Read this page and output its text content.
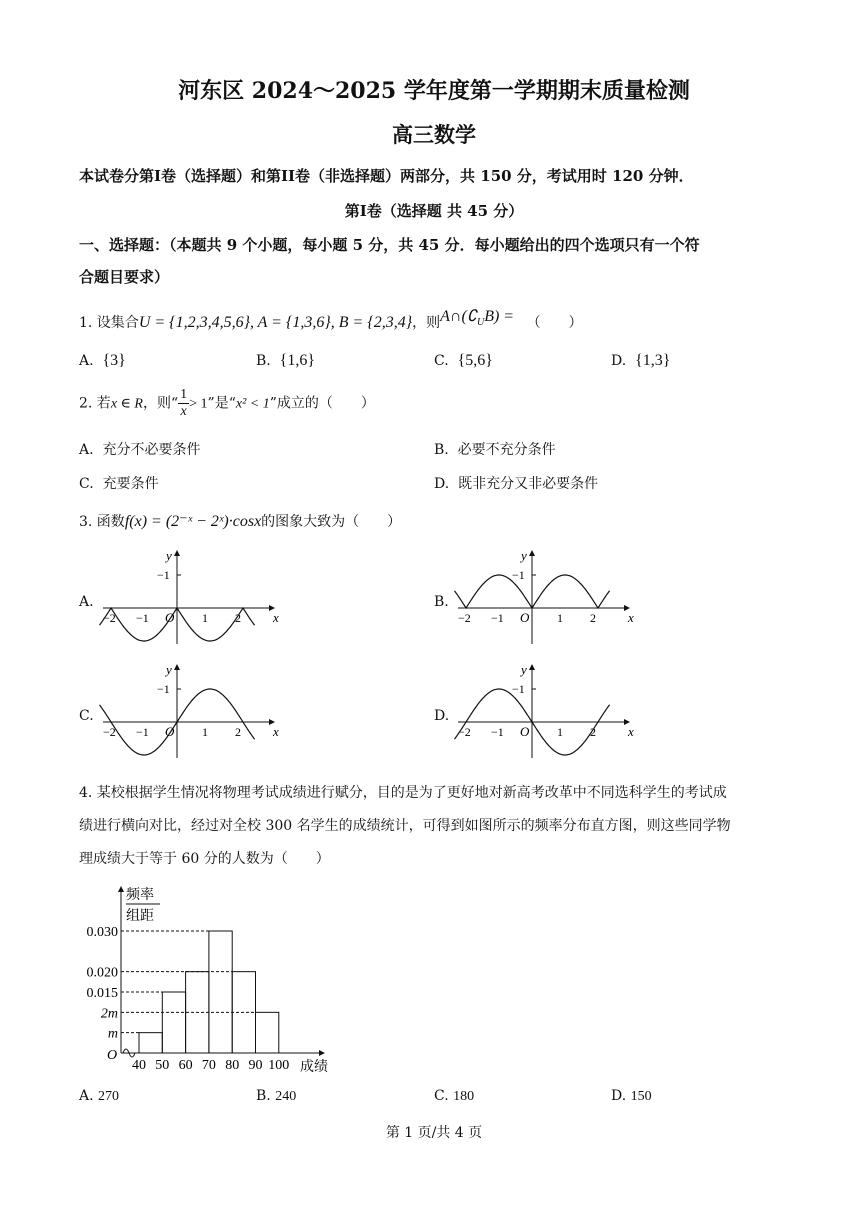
河东区 2024～2025 学年度第一学期期末质量检测
高三数学
本试卷分第I卷（选择题）和第II卷（非选择题）两部分，共 150 分，考试用时 120 分钟．
第I卷（选择题 共 45 分）
一、选择题：（本题共 9 个小题，每小题 5 分，共 45 分．每小题给出的四个选项只有一个符
合题目要求）
1. 设集合U = {1,2,3,4,5,6}, A = {1,3,6}, B = {2,3,4}，则$A\cap(∁_UB)$ = （　　）
A. {3}	B. {1,6}	C. {5,6}	D. {1,3}
2. 若x ∈ R，则“ $\frac{1}{x} > 1$”是“x² < 1”成立的（　　）
A. 充分不必要条件	B. 必要不充分条件
C. 充要条件	D. 既非充分又非必要条件
3. 函数f(x) = (2⁻ˣ − 2ˣ)·cosx的图象大致为（　　）
A.
y
x
O
−1
−2 −1	1 2
B.
y
x
O
−1
−2 −1	1 2
C.
y
x
O
−1
−2 −1	1 2
D.
y
x
O
−1
−2 −1	1 2
4. 某校根据学生情况将物理考试成绩进行赋分，目的是为了更好地对新高考改革中不同选科学生的考试成
绩进行横向对比，经过对全校 300 名学生的成绩统计，可得到如图所示的频率分布直方图，则这些同学物
理成绩大于等于 60 分的人数为（　　）
O
频率
组距
0.030
0.020
0.015
2m
m
40 50 60 70 80 90 100 成绩
A. 270	B. 240	C. 180	D. 150
第 1 页/共 4 页
